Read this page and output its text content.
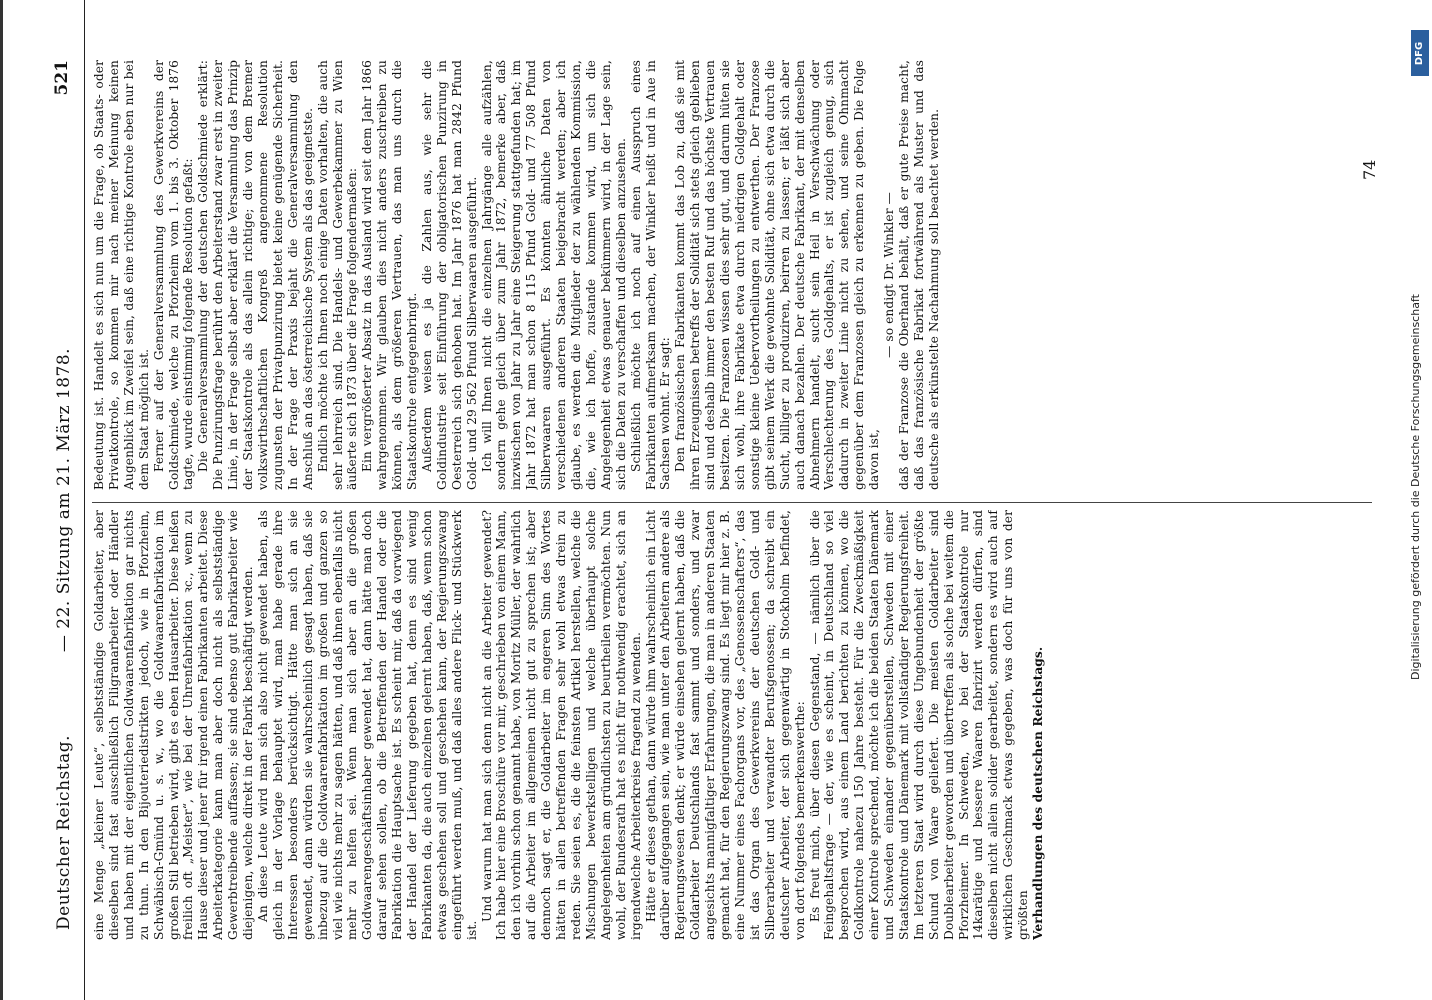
Deutscher Reichstag.
— 22. Sitzung am 21. März 1878.
521

eine Menge „kleiner Leute“, selbstständige Goldarbeiter, aber dieselben sind fast ausschließlich Filigranarbeiter oder Händler und haben mit der eigentlichen Goldwaarenfabrikation gar nichts zu thun. In den Bijouteriedistrikten jedoch, wie in Pforzheim, Schwäbisch-Gmünd u. s. w., wo die Goldwaarenfabrikation im großen Stil betrieben wird, gibt es eben Hausarbeiter. Diese heißen freilich oft „Meister“, wie bei der Uhrenfabrikation ꝛc., wenn zu Hause dieser und jener für irgend einen Fabrikanten arbeitet. Diese Arbeiterkategorie kann man aber doch nicht als selbstständige Gewerbtreibende auffassen; sie sind ebenso gut Fabrikarbeiter wie diejenigen, welche direkt in der Fabrik beschäftigt werden. An diese Leute wird man sich also nicht gewendet haben, als gleich in der Vorlage behauptet wird, man habe gerade ihre Interessen besonders berücksichtigt. Hätte man sich an sie gewendet, dann würden sie wahrscheinlich gesagt haben, daß sie inbezug auf die Goldwaarenfabrikation im großen und ganzen so viel wie nichts mehr zu sagen hätten, und daß ihnen ebenfalls nicht mehr zu helfen sei. Wenn man sich aber an die großen Goldwaarengeschäftsinhaber gewendet hat, dann hätte man doch darauf sehen sollen, ob die Betreffenden der Handel oder die Fabrikation die Hauptsache ist. Es scheint mir, daß da vorwiegend der Handel der Lieferung gegeben hat, denn es sind wenig Fabrikanten da, die auch einzelnen gelernt haben, daß, wenn schon etwas geschehen soll und geschehen kann, der Regierungszwang eingeführt werden muß, und daß alles andere Flick- und Stückwerk ist.

Und warum hat man sich denn nicht an die Arbeiter gewendet? Ich habe hier eine Broschüre vor mir, geschrieben von einem Mann, den ich vorhin schon genannt habe, von Moritz Müller, der wahrlich auf die Arbeiter im allgemeinen nicht gut zu sprechen ist; aber dennoch sagt er, die Goldarbeiter im engeren Sinn des Wortes hätten in allen betreffenden Fragen sehr wohl etwas drein zu reden. Sie seien es, die die feinsten Artikel herstellen, welche die Mischungen bewerkstelligen und welche überhaupt solche Angelegenheiten am gründlichsten zu beurtheilen vermöchten. Nun wohl, der Bundesrath hat es nicht für nothwendig erachtet, sich an irgendwelche Arbeiterkreise fragend zu wenden. Hätte er dieses gethan, dann würde ihm wahrscheinlich ein Licht darüber aufgegangen sein, wie man unter den Arbeitern andere als Regierungswesen denkt; er würde einsehen gelernt haben, daß die Goldarbeiter Deutschlands fast sammt und sonders, und zwar angesichts mannigfaltiger Erfahrungen, die man in anderen Staaten gemacht hat, für den Regierungszwang sind. Es liegt mir hier z. B. eine Nummer eines Fachorgans vor, des „Genossenschafters“, das ist das Organ des Gewerkvereins der deutschen Gold- und Silberarbeiter und verwandter Berufsgenossen; da schreibt ein deutscher Arbeiter, der sich gegenwärtig in Stockholm befindet, von dort folgendes bemerkenswerthe: Es freut mich, über diesen Gegenstand, — nämlich über die Feingehaltsfrage — der, wie es scheint, in Deutschland so viel besprochen wird, aus einem Land berichten zu können, wo die Goldkontrole nahezu 150 Jahre besteht. Für die Zweckmäßigkeit einer Kontrole sprechend, möchte ich die beiden Staaten Dänemark und Schweden einander gegenüberstellen, Schweden mit einer Staatskontrole und Dänemark mit vollständiger Regierungsfreiheit. Im letzteren Staat wird durch diese Ungebundenheit der größte Schund von Waare geliefert. Die meisten Goldarbeiter sind Doublearbeiter geworden und übertreffen als solche bei weitem die Pforzheimer. In Schweden, wo bei der Staatskontrole nur 14karätige und bessere Waaren fabrizirt werden dürfen, sind dieselben nicht allein solider gearbeitet, sondern es wird auch auf wirklichen Geschmack etwas gegeben, was doch für uns von der größten Verhandlungen des deutschen Reichstags.

Bedeutung ist. Handelt es sich nun um die Frage, ob Staats- oder Privatkontrole, so kommen mir nach meiner Meinung keinen Augenblick im Zweifel sein, daß eine richtige Kontrole eben nur bei dem Staat möglich ist. Ferner auf der Generalversammlung des Gewerkvereins der Goldschmiede, welche zu Pforzheim vom 1. bis 3. Oktober 1876 tagte, wurde einstimmig folgende Resolution gefaßt: Die Generalversammlung der deutschen Goldschmiede erklärt: Die Punzirungsfrage berührt den Arbeiterstand zwar erst in zweiter Linie, in der Frage selbst aber erklärt die Versammlung das Prinzip der Staatskontrole als das allein richtige; die von dem Bremer volkswirthschaftlichen Kongreß angenommene Resolution zugunsten der Privatpunzirung bietet keine genügende Sicherheit. In der Frage der Praxis bejaht die Generalversammlung den Anschluß an das österreichische System als das geeignetste. Endlich möchte ich Ihnen noch einige Daten vorhalten, die auch sehr lehrreich sind. Die Handels- und Gewerbekammer zu Wien äußerte sich 1873 über die Frage folgendermaßen: Ein vergrößerter Absatz in das Ausland wird seit dem Jahr 1866 wahrgenommen. Wir glauben dies nicht anders zuschreiben zu können, als dem größeren Vertrauen, das man uns durch die Staatskontrole entgegenbringt. Außerdem weisen es ja die Zahlen aus, wie sehr die Goldindustrie seit Einführung der obligatorischen Punzirung in Oesterreich sich gehoben hat. Im Jahr 1876 hat man 2842 Pfund Gold- und 29 562 Pfund Silberwaaren ausgeführt. Ich will Ihnen nicht die einzelnen Jahrgänge alle aufzählen, sondern gehe gleich über zum Jahr 1872, bemerke aber, daß inzwischen von Jahr zu Jahr eine Steigerung stattgefunden hat; im Jahr 1872 hat man schon 8 115 Pfund Gold- und 77 508 Pfund Silberwaaren ausgeführt. Es könnten ähnliche Daten von verschiedenen anderen Staaten beigebracht werden; aber ich glaube, es werden die Mitglieder der zu wählenden Kommission, die, wie ich hoffe, zustande kommen wird, um sich die Angelegenheit etwas genauer bekümmern wird, in der Lage sein, sich die Daten zu verschaffen und dieselben anzusehen. Schließlich möchte ich noch auf einen Ausspruch eines Fabrikanten aufmerksam machen, der Winkler heißt und in Aue in Sachsen wohnt. Er sagt: Den französischen Fabrikanten kommt das Lob zu, daß sie mit ihren Erzeugnissen betreffs der Solidität sich stets gleich geblieben sind und deshalb immer den besten Ruf und das höchste Vertrauen besitzen. Die Franzosen wissen dies sehr gut, und darum hüten sie sich wohl, ihre Fabrikate etwa durch niedrigen Goldgehalt oder sonstige kleine Uebervortheilungen zu entwerthen. Der Franzose gibt seinem Werk die gewohnte Solidität, ohne sich etwa durch die Sucht, billiger zu produziren, beirren zu lassen; er läßt sich aber auch danach bezahlen. Der deutsche Fabrikant, der mit denselben Abnehmern handelt, sucht sein Heil in Verschwächung oder Verschlechterung des Goldgehalts, er ist zugleich genug, sich dadurch in zweiter Linie nicht zu sehen, und seine Ohnmacht gegenüber dem Franzosen gleich zu erkennen zu geben. Die Folge davon ist,

— so endigt Dr. Winkler — daß der Franzose die Oberhand behält, daß er gute Preise macht, daß das französische Fabrikat fortwährend als Muster und das deutsche als erkünstelte Nachahmung soll beachtet werden.	74
Digitalisierung gefördert durch die Deutsche Forschungsgemeinschaft
DFG
